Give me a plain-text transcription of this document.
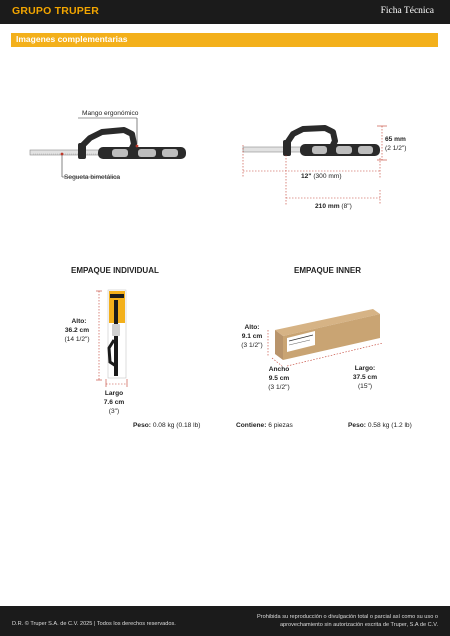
GRUPO TRUPER	Ficha Técnica
Imagenes complementarias
Mango ergonómico
Segueta bimetálica
65 mm
(2 1/2")
12" (300 mm)
210 mm (8")
EMPAQUE INDIVIDUAL
Alto:
36.2 cm
(14 1/2")
Largo
7.6 cm
(3")
EMPAQUE INNER
Alto:
9.1 cm
(3 1/2")
Ancho
9.5 cm
(3 1/2")
Largo:
37.5 cm
(15")
Peso: 0.08 kg (0.18 lb)	Contiene: 6 piezas	Peso: 0.58 kg (1.2 lb)
D.R. © Truper S.A. de C.V. 2025 | Todos los derechos reservados.
Prohibida su reproducción o divulgación total o parcial así como su uso o
aprovechamiento sin autorización escrita de Truper, S.A de C.V.
